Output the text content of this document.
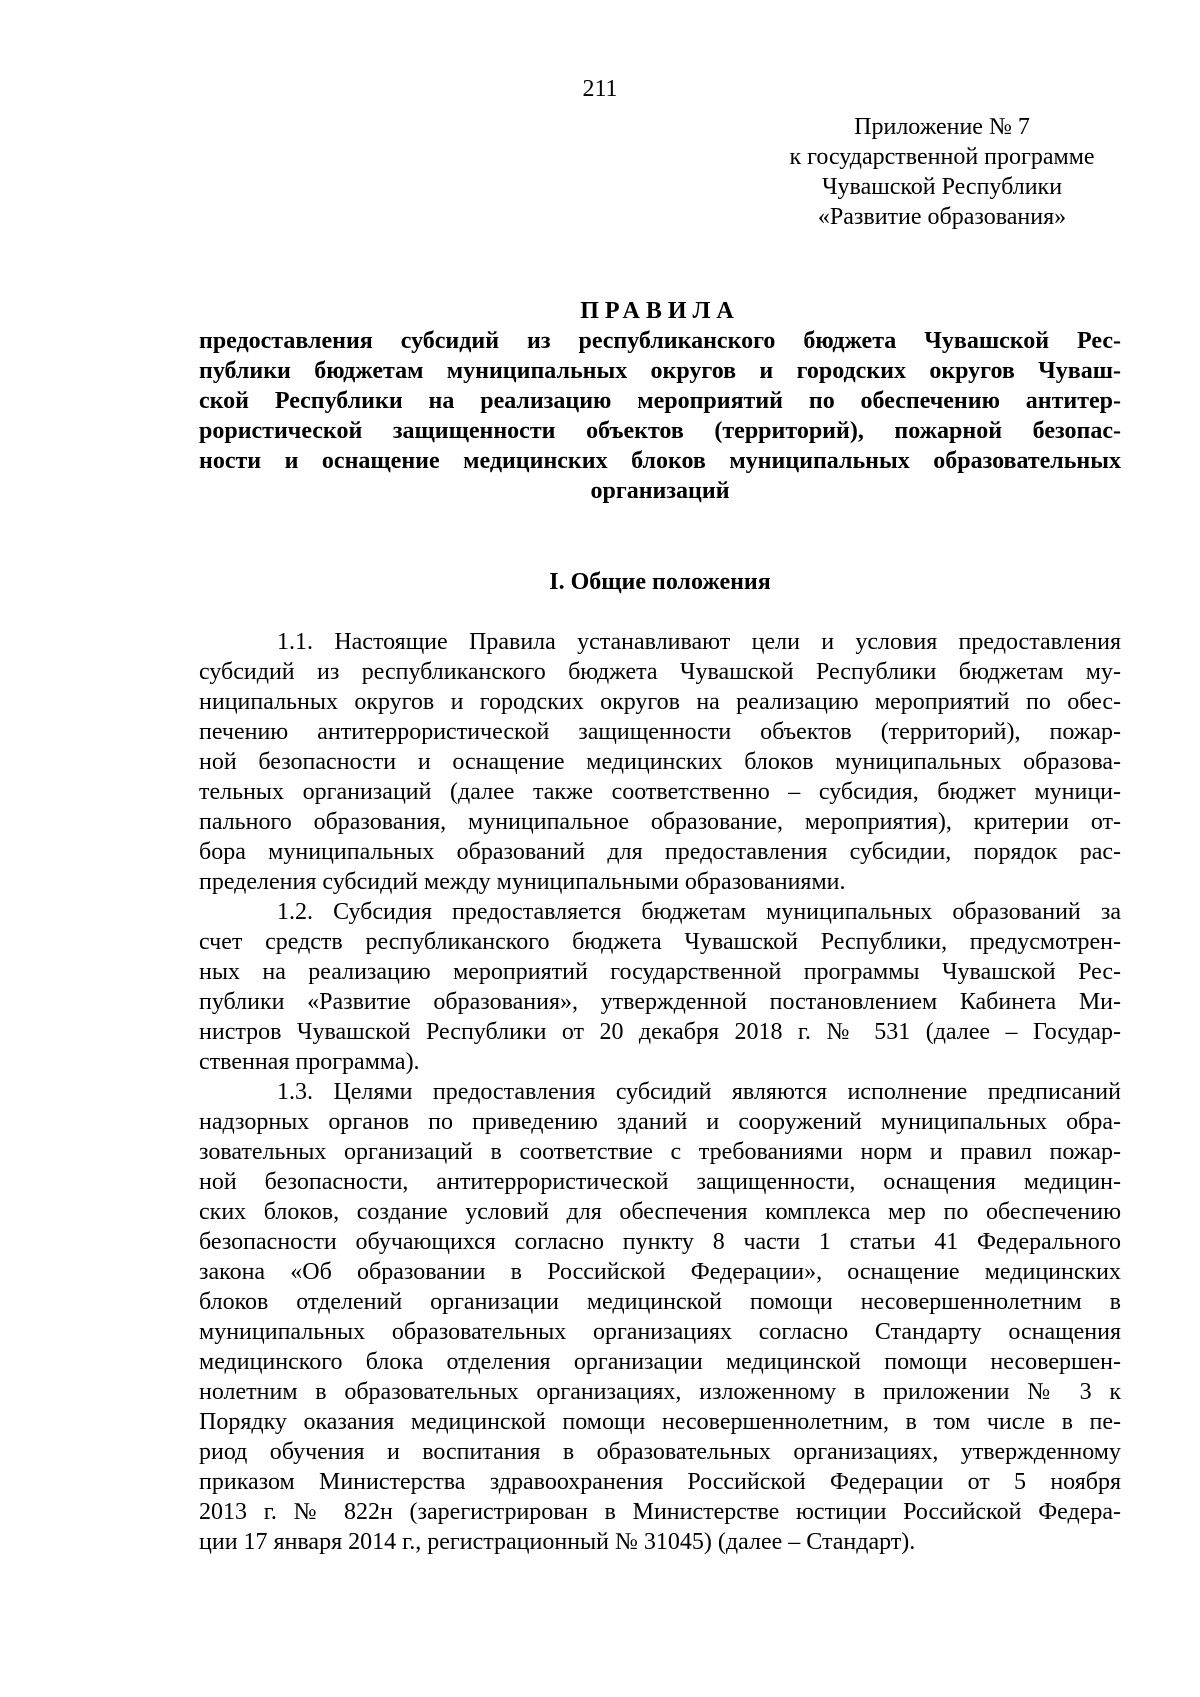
211
Приложение № 7
к государственной программе
Чувашской Республики
«Развитие образования»
ПРАВИЛА
предоставления субсидий из республиканского бюджета Чувашской Рес-
публики бюджетам муниципальных округов и городских округов Чуваш-
ской Республики на реализацию мероприятий по обеспечению антитер-
рористической защищенности объектов (территорий), пожарной безопас-
ности и оснащение медицинских блоков муниципальных образовательных
организаций
I. Общие положения
1.1. Настоящие Правила устанавливают цели и условия предоставления
субсидий из республиканского бюджета Чувашской Республики бюджетам му-
ниципальных округов и городских округов на реализацию мероприятий по обес-
печению антитеррористической защищенности объектов (территорий), пожар-
ной безопасности и оснащение медицинских блоков муниципальных образова-
тельных организаций (далее также соответственно – субсидия, бюджет муници-
пального образования, муниципальное образование, мероприятия), критерии от-
бора муниципальных образований для предоставления субсидии, порядок рас-
пределения субсидий между муниципальными образованиями.
1.2. Субсидия предоставляется бюджетам муниципальных образований за
счет средств республиканского бюджета Чувашской Республики, предусмотрен-
ных на реализацию мероприятий государственной программы Чувашской Рес-
публики «Развитие образования», утвержденной постановлением Кабинета Ми-
нистров Чувашской Республики от 20 декабря 2018 г. № 531 (далее – Государ-
ственная программа).
1.3. Целями предоставления субсидий являются исполнение предписаний
надзорных органов по приведению зданий и сооружений муниципальных обра-
зовательных организаций в соответствие с требованиями норм и правил пожар-
ной безопасности, антитеррористической защищенности, оснащения медицин-
ских блоков, создание условий для обеспечения комплекса мер по обеспечению
безопасности обучающихся согласно пункту 8 части 1 статьи 41 Федерального
закона «Об образовании в Российской Федерации», оснащение медицинских
блоков отделений организации медицинской помощи несовершеннолетним в
муниципальных образовательных организациях согласно Стандарту оснащения
медицинского блока отделения организации медицинской помощи несовершен-
нолетним в образовательных организациях, изложенному в приложении № 3 к
Порядку оказания медицинской помощи несовершеннолетним, в том числе в пе-
риод обучения и воспитания в образовательных организациях, утвержденному
приказом Министерства здравоохранения Российской Федерации от 5 ноября
2013 г. № 822н (зарегистрирован в Министерстве юстиции Российской Федера-
ции 17 января 2014 г., регистрационный № 31045) (далее – Стандарт).
